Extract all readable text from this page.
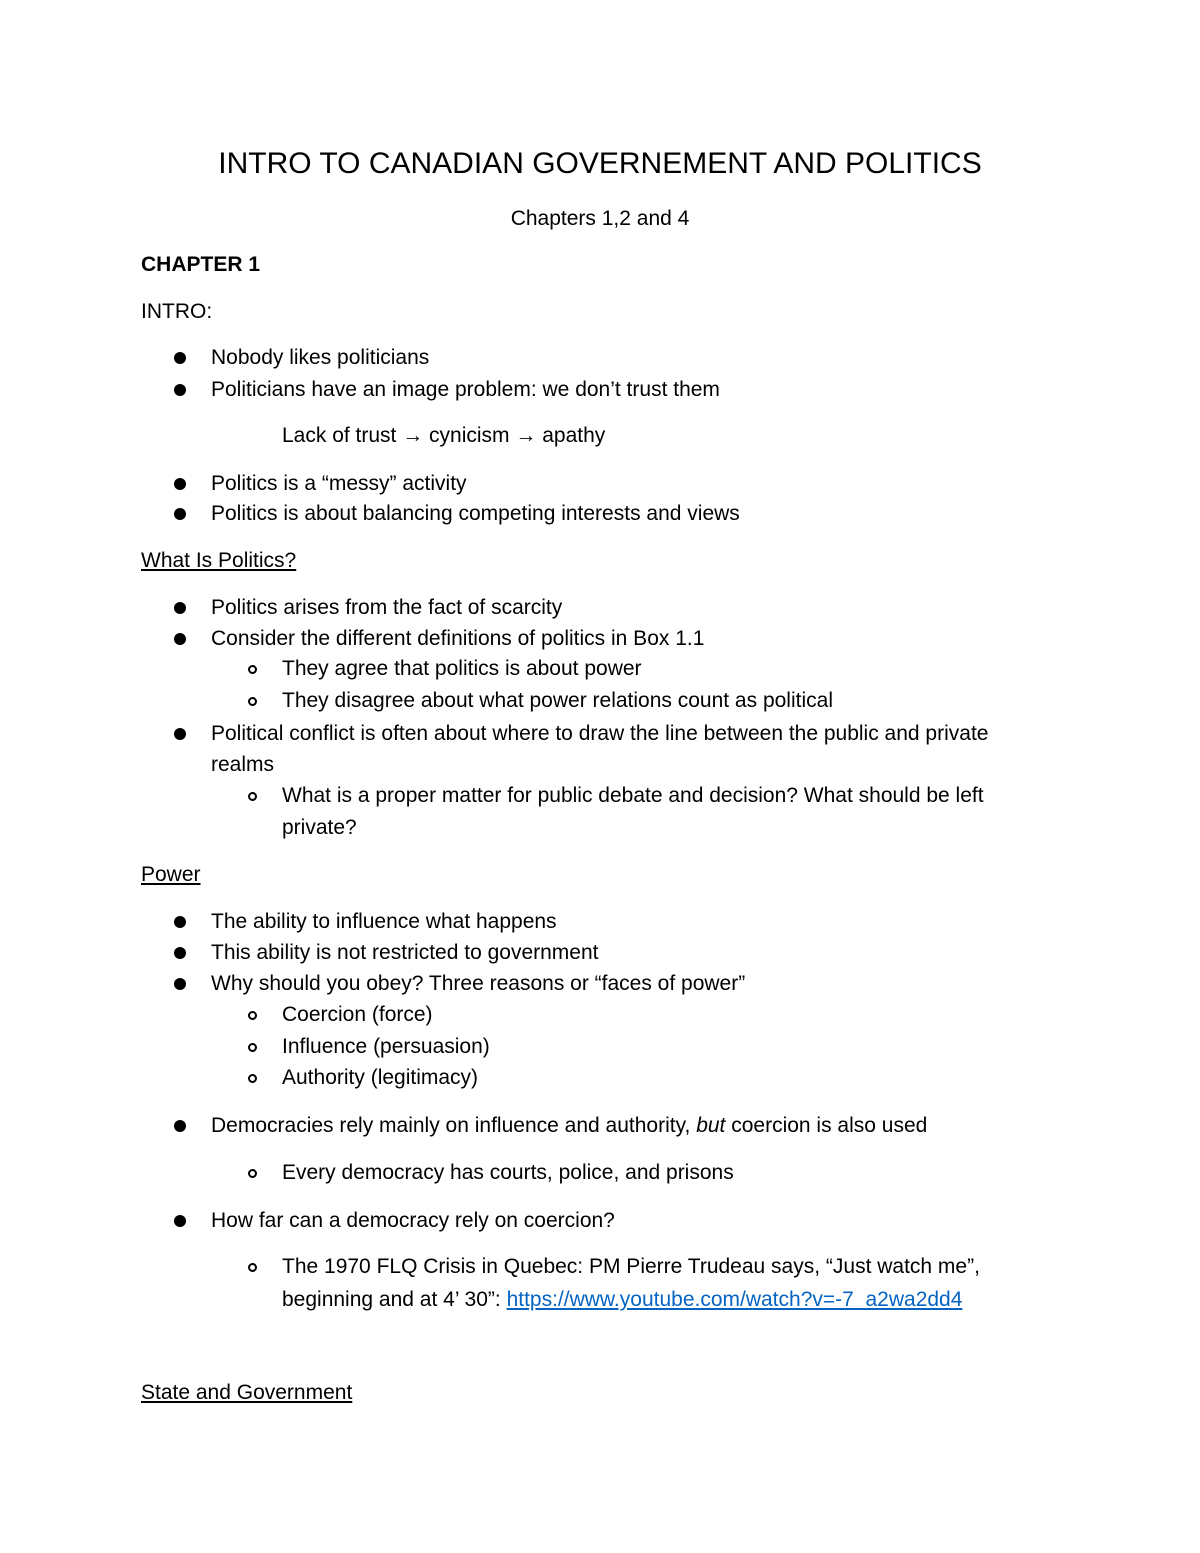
INTRO TO CANADIAN GOVERNEMENT AND POLITICS
Chapters 1,2 and 4
CHAPTER 1
INTRO:
Nobody likes politicians
Politicians have an image problem: we don’t trust them
Lack of trust → cynicism → apathy
Politics is a “messy” activity
Politics is about balancing competing interests and views
What Is Politics?
Politics arises from the fact of scarcity
Consider the different definitions of politics in Box 1.1
They agree that politics is about power
They disagree about what power relations count as political
Political conflict is often about where to draw the line between the public and private
realms
What is a proper matter for public debate and decision? What should be left
private?
Power
The ability to influence what happens
This ability is not restricted to government
Why should you obey? Three reasons or “faces of power”
Coercion (force)
Influence (persuasion)
Authority (legitimacy)
Democracies rely mainly on influence and authority, but coercion is also used
Every democracy has courts, police, and prisons
How far can a democracy rely on coercion?
The 1970 FLQ Crisis in Quebec: PM Pierre Trudeau says, “Just watch me”,
beginning and at 4’ 30”: https://www.youtube.com/watch?v=-7_a2wa2dd4
State and Government
